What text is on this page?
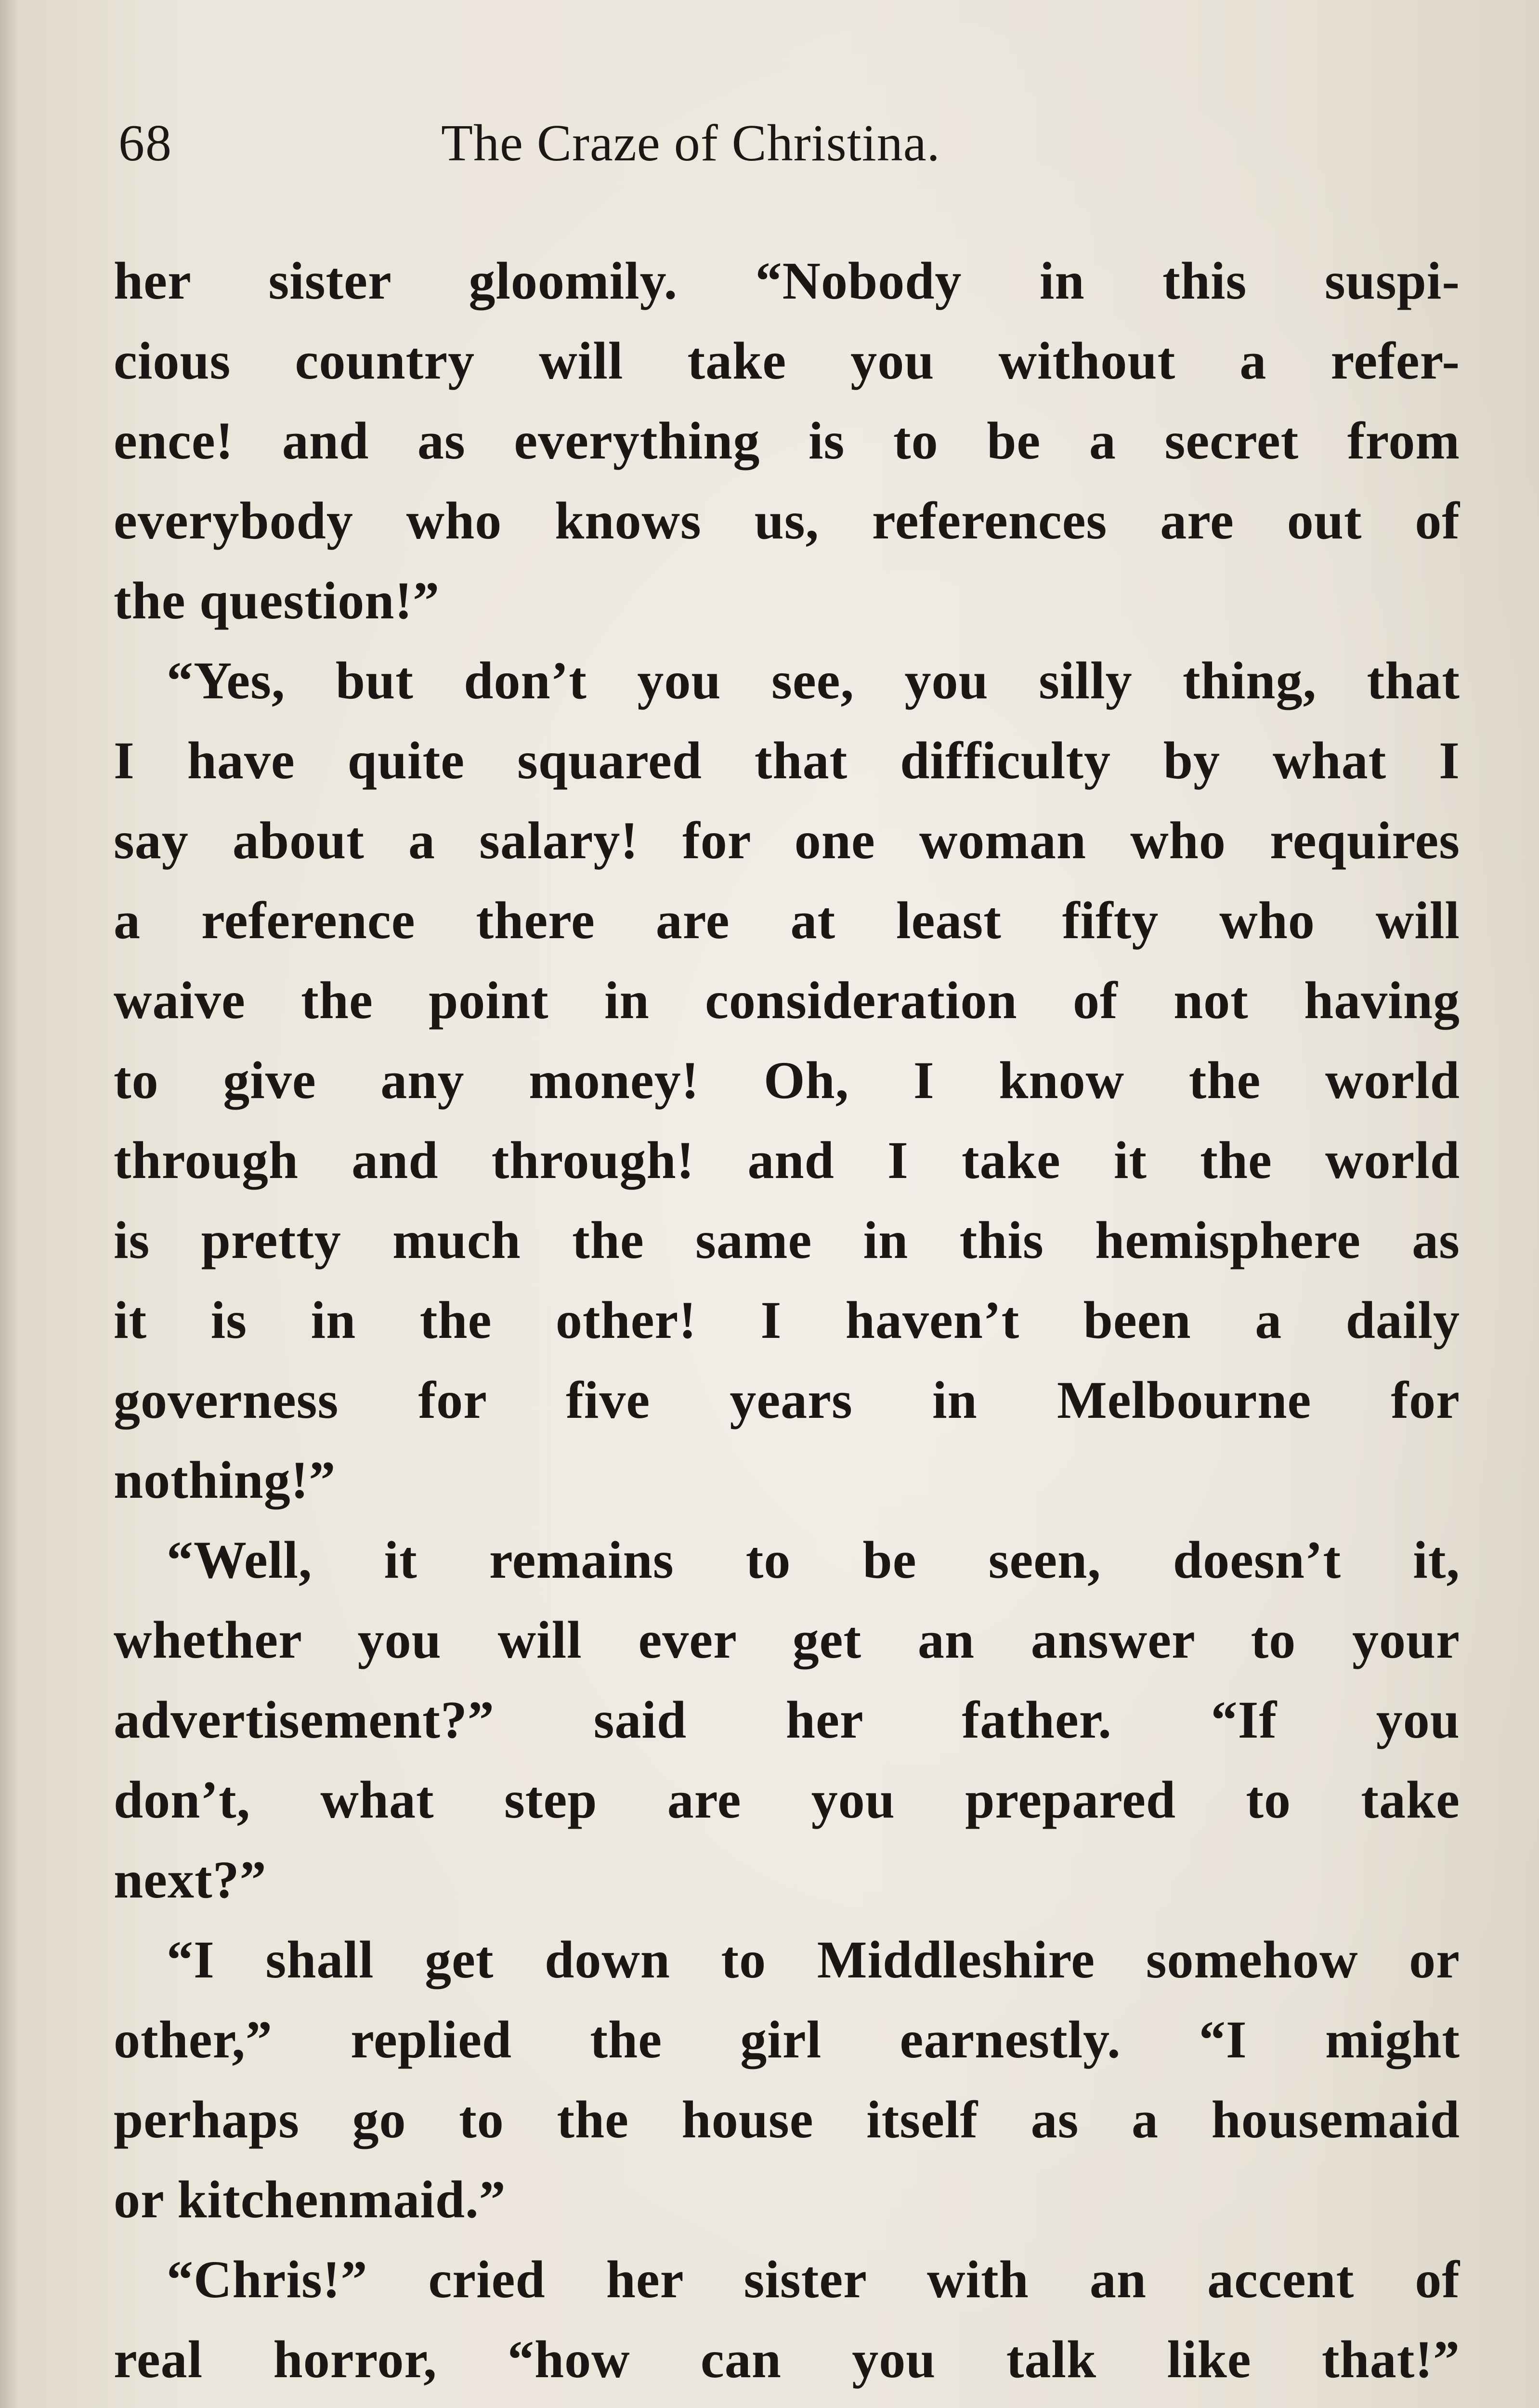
68	The Craze of Christina.
her sister gloomily. “Nobody in this suspi-
cious country will take you without a refer-
ence! and as everything is to be a secret from
everybody who knows us, references are out of
the question!”
“Yes, but don’t you see, you silly thing, that
I have quite squared that difficulty by what I
say about a salary! for one woman who requires
a reference there are at least fifty who will
waive the point in consideration of not having
to give any money! Oh, I know the world
through and through! and I take it the world
is pretty much the same in this hemisphere as
it is in the other! I haven’t been a daily
governess for five years in Melbourne for
nothing!”
“Well, it remains to be seen, doesn’t it,
whether you will ever get an answer to your
advertisement?” said her father. “If you
don’t, what step are you prepared to take
next?”
“I shall get down to Middleshire somehow or
other,” replied the girl earnestly. “I might
perhaps go to the house itself as a housemaid
or kitchenmaid.”
“Chris!” cried her sister with an accent of
real horror, “how can you talk like that!”
